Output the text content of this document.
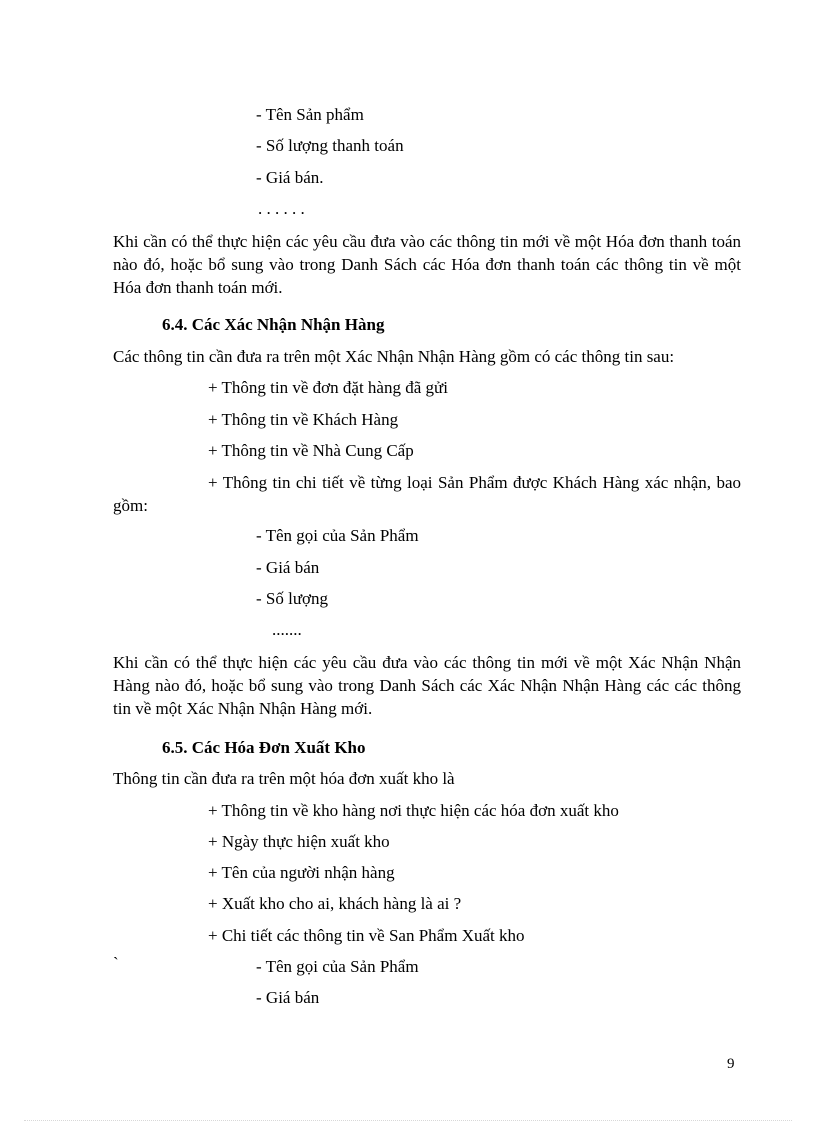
- Tên Sản phẩm
- Số lượng thanh toán
- Giá bán.
. . . . . .
Khi cần có thể thực hiện các yêu cầu đưa vào các thông tin mới về một Hóa đơn thanh toán nào đó, hoặc bổ sung vào trong Danh Sách các Hóa đơn thanh toán các thông tin về một Hóa đơn thanh toán mới.
6.4. Các Xác Nhận Nhận Hàng
Các thông tin cần đưa ra trên một Xác Nhận Nhận Hàng gồm có các thông tin sau:
+ Thông tin về đơn đặt hàng đã gửi
+ Thông tin về Khách Hàng
+ Thông tin về Nhà Cung Cấp
+ Thông tin chi tiết về từng loại Sản Phẩm được Khách Hàng xác nhận, bao gồm:
- Tên gọi của Sản Phẩm
- Giá bán
- Số lượng
.......
Khi cần có thể thực hiện các yêu cầu đưa vào các thông tin mới về một Xác Nhận Nhận Hàng nào đó, hoặc bổ sung vào trong Danh Sách các Xác Nhận Nhận Hàng các các thông tin về một Xác Nhận Nhận Hàng mới.
6.5. Các Hóa Đơn Xuất Kho
Thông tin cần đưa ra trên một hóa đơn xuất kho là
+ Thông tin về kho hàng nơi thực hiện các hóa đơn xuất kho
+ Ngày thực hiện xuất kho
+ Tên của người nhận hàng
+ Xuất kho cho ai, khách hàng là ai ?
+ Chi tiết các thông tin về San Phẩm Xuất kho
`	- Tên gọi của Sản Phẩm
- Giá bán
9
